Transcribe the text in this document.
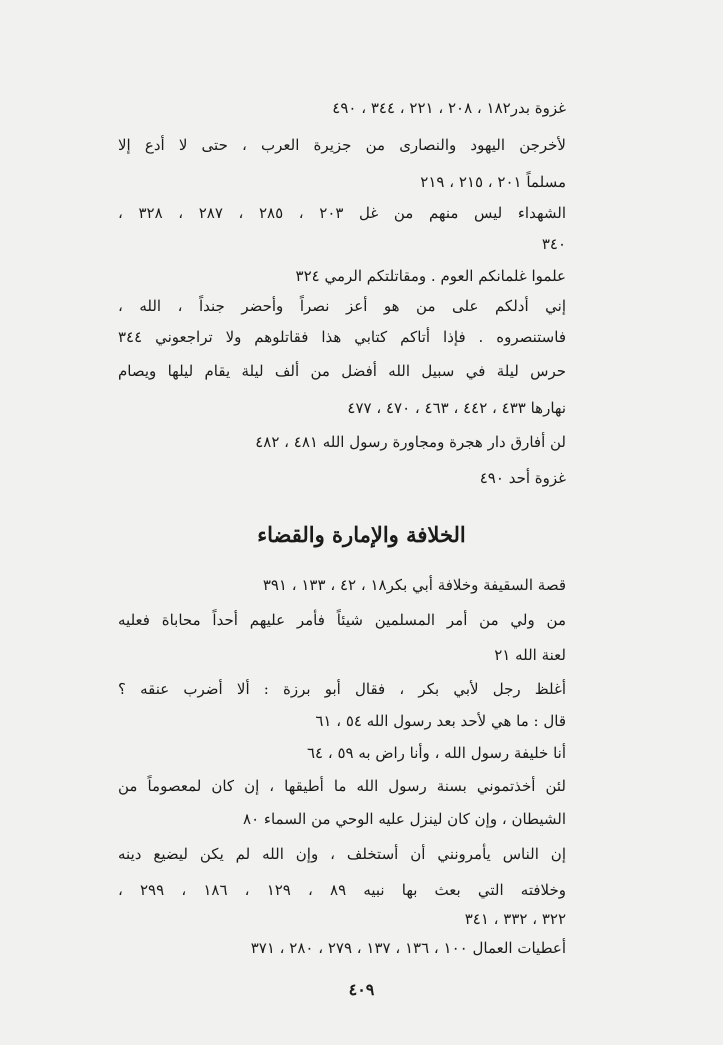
غزوة بدر١٨٢ ، ٢٠٨ ، ٢٢١ ، ٣٤٤ ، ٤٩٠
لأخرجن اليهود والنصارى من جزيرة العرب ، حتى لا أدع إلا
مسلماً ٢٠١ ، ٢١٥ ، ٢١٩
الشهداء ليس منهم من غل ٢٠٣ ، ٢٨٥ ، ٢٨٧ ، ٣٢٨ ،
٣٤٠
علموا غلمانكم العوم . ومقاتلتكم الرمي ٣٢٤
إني أدلكم على من هو أعز نصراً وأحضر جنداً ، الله ،
فاستنصروه . فإذا أتاكم كتابي هذا فقاتلوهم ولا تراجعوني ٣٤٤
حرس ليلة في سبيل الله أفضل من ألف ليلة يقام ليلها ويصام
نهارها ٤٣٣ ، ٤٤٢ ، ٤٦٣ ، ٤٧٠ ، ٤٧٧
لن أفارق دار هجرة ومجاورة رسول الله ٤٨١ ، ٤٨٢
غزوة أحد ٤٩٠
الخلافة والإمارة والقضاء
قصة السقيفة وخلافة أبي بكر١٨ ، ٤٢ ، ١٣٣ ، ٣٩١
من ولي من أمر المسلمين شيئاً فأمر عليهم أحداً محاباة فعليه
لعنة الله ٢١
أغلظ رجل لأبي بكر ، فقال أبو برزة : ألا أضرب عنقه ؟
قال : ما هي لأحد بعد رسول الله ٥٤ ، ٦١
أنا خليفة رسول الله ، وأنا راض به ٥٩ ، ٦٤
لئن أخذتموني بسنة رسول الله ما أطيقها ، إن كان لمعصوماً من
الشيطان ، وإن كان لينزل عليه الوحي من السماء ٨٠
إن الناس يأمرونني أن أستخلف ، وإن الله لم يكن ليضيع دينه
وخلافته التي بعث بها نبيه ٨٩ ، ١٢٩ ، ١٨٦ ، ٢٩٩ ،
٣٢٢ ، ٣٣٢ ، ٣٤١
أعطيات العمال ١٠٠ ، ١٣٦ ، ١٣٧ ، ٢٧٩ ، ٢٨٠ ، ٣٧١
٤٠٩
